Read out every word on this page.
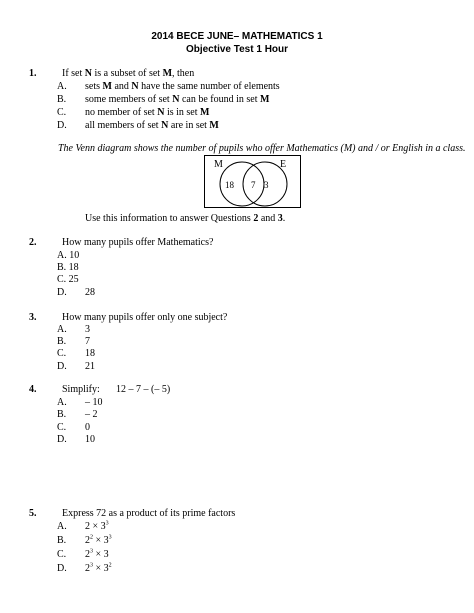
2014 BECE JUNE– MATHEMATICS 1
Objective Test 1 Hour
1.	If set N is a subset of set M, then
A. sets M and N have the same number of elements
B. some members of set N can be found in set M
C. no member of set N is in set M
D. all members of set N are in set M
The Venn diagram shows the number of pupils who offer Mathematics (M) and / or English in a class.
M	E
18 7 3
Use this information to answer Questions 2 and 3.
2.	How many pupils offer Mathematics?
A. 10
B. 18
C. 25
D. 28
3.	How many pupils offer only one subject?
A. 3
B. 7
C. 18
D. 21
4.	Simplify: 12 – 7 – (– 5)
A. – 10
B. – 2
C. 0
D. 10
5.	Express 72 as a product of its prime factors
A. $2 \times 3^3$
B. $2^2 \times 3^3$
C. $2^3 \times 3$
D. $2^3 \times 3^2$
